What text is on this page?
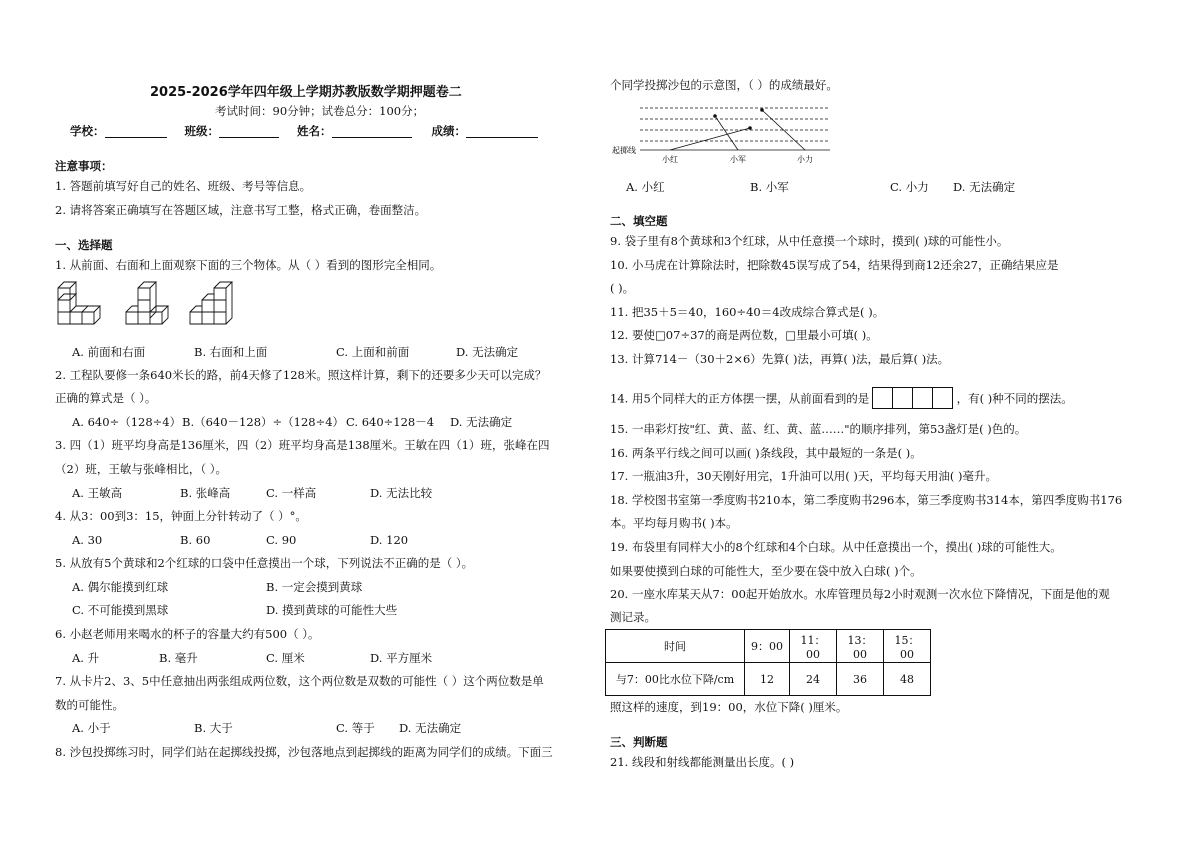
2025-2026学年四年级上学期苏教版数学期押题卷二
考试时间：90分钟；试卷总分：100分；
学校：	班级：	姓名：	成绩：
注意事项：
1. 答题前填写好自己的姓名、班级、考号等信息。
2. 请将答案正确填写在答题区域，注意书写工整，格式正确，卷面整洁。
一、选择题
1. 从前面、右面和上面观察下面的三个物体。从（ ）看到的图形完全相同。
A. 前面和右面	B. 右面和上面	C. 上面和前面	D. 无法确定
2. 工程队要修一条640米长的路，前4天修了128米。照这样计算，剩下的还要多少天可以完成？
正确的算式是（ ）。
A. 640÷（128÷4） B.（640－128）÷（128÷4） C. 640÷128－4 D. 无法确定
3. 四（1）班平均身高是136厘米，四（2）班平均身高是138厘米。王敏在四（1）班，张峰在四
（2）班，王敏与张峰相比，（ ）。
A. 王敏高	B. 张峰高	C. 一样高	D. 无法比较
4. 从3：00到3：15，钟面上分针转动了（ ）°。
A. 30	B. 60	C. 90	D. 120
5. 从放有5个黄球和2个红球的口袋中任意摸出一个球，下列说法不正确的是（ ）。
A. 偶尔能摸到红球	B. 一定会摸到黄球
C. 不可能摸到黑球	D. 摸到黄球的可能性大些
6. 小赵老师用来喝水的杯子的容量大约有500（ ）。
A. 升	B. 毫升	C. 厘米	D. 平方厘米
7. 从卡片2、3、5中任意抽出两张组成两位数，这个两位数是双数的可能性（ ）这个两位数是单
数的可能性。
A. 小于	B. 大于	C. 等于 D. 无法确定
8. 沙包投掷练习时，同学们站在起掷线投掷，沙包落地点到起掷线的距离为同学们的成绩。下面三
个同学投掷沙包的示意图，（ ）的成绩最好。
起掷线
小红	小军	小力
A. 小红	B. 小军	C. 小力 D. 无法确定
二、填空题
9. 袋子里有8个黄球和3个红球，从中任意摸一个球时，摸到( )球的可能性小。
10. 小马虎在计算除法时，把除数45误写成了54，结果得到商12还余27，正确结果应是
( )。
11. 把35＋5＝40，160÷40＝4改成综合算式是( )。
12. 要使□07÷37的商是两位数，□里最小可填( )。
13. 计算714－（30＋2×6）先算( )法，再算( )法，最后算( )法。
14. 用5个同样大的正方体摆一摆，从前面看到的是	，有( )种不同的摆法。
15. 一串彩灯按"红、黄、蓝、红、黄、蓝……"的顺序排列，第53盏灯是( )色的。
16. 两条平行线之间可以画( )条线段，其中最短的一条是( )。
17. 一瓶油3升，30天刚好用完，1升油可以用( )天，平均每天用油( )毫升。
18. 学校图书室第一季度购书210本，第二季度购书296本，第三季度购书314本，第四季度购书176
本。平均每月购书( )本。
19. 布袋里有同样大小的8个红球和4个白球。从中任意摸出一个，摸出( )球的可能性大。
如果要使摸到白球的可能性大，至少要在袋中放入白球( )个。
20. 一座水库某天从7：00起开始放水。水库管理员每2小时观测一次水位下降情况，下面是他的观
测记录。
时间	9：00	11：00	13：00	15：00
与7：00比水位下降/cm	12	24	36	48
照这样的速度，到19：00，水位下降( )厘米。
三、判断题
21. 线段和射线都能测量出长度。( )
